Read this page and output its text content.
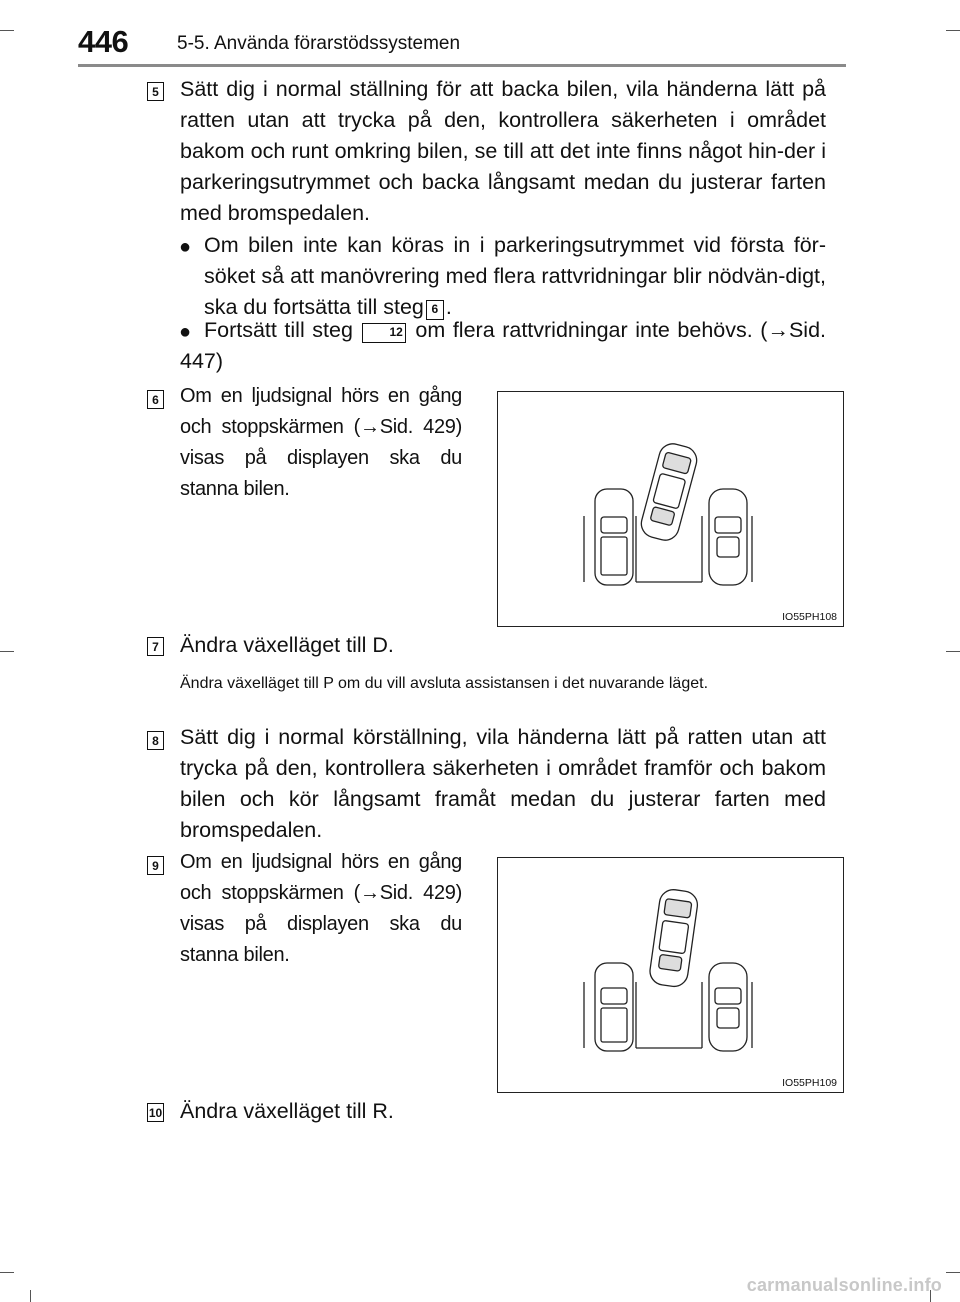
446	5-5. Använda förarstödssystemen
5 Sätt dig i normal ställning för att backa bilen, vila händerna lätt på ratten utan att trycka på den, kontrollera säkerheten i området bakom och runt omkring bilen, se till att det inte finns något hin-der i parkeringsutrymmet och backa långsamt medan du justerar farten med bromspedalen.
● Om bilen inte kan köras in i parkeringsutrymmet vid första för-söket så att manövrering med flera rattvridningar blir nödvän-digt, ska du fortsätta till steg 6 .
● Fortsätt till steg	12 om flera rattvridningar inte behövs. (→Sid. 447)
6 Om en ljudsignal hörs en gång och stoppskärmen (→Sid. 429) visas på displayen ska du stanna bilen.
IO55PH108
7 Ändra växelläget till D.
Ändra växelläget till P om du vill avsluta assistansen i det nuvarande läget.
8 Sätt dig i normal körställning, vila händerna lätt på ratten utan att trycka på den, kontrollera säkerheten i området framför och bakom bilen och kör långsamt framåt medan du justerar farten med bromspedalen.
9 Om en ljudsignal hörs en gång och stoppskärmen (→Sid. 429) visas på displayen ska du stanna bilen.
IO55PH109
10 Ändra växelläget till R.
carmanualsonline.info
